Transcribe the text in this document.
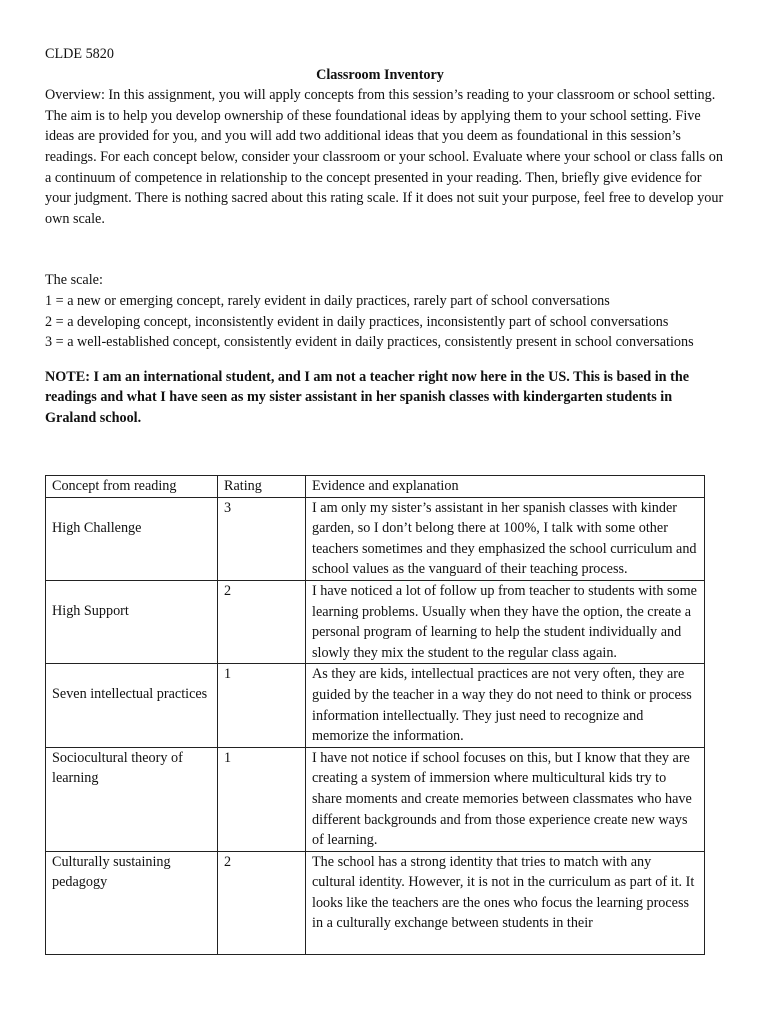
CLDE 5820

Classroom Inventory

Overview: In this assignment, you will apply concepts from this session’s reading to your classroom or school setting. The aim is to help you develop ownership of these foundational ideas by applying them to your school setting. Five ideas are provided for you, and you will add two additional ideas that you deem as foundational in this session’s readings. For each concept below, consider your classroom or your school. Evaluate where your school or class falls on a continuum of competence in relationship to the concept presented in your reading. Then, briefly give evidence for your judgment. There is nothing sacred about this rating scale. If it does not suit your purpose, feel free to develop your own scale.

The scale:

1 = a new or emerging concept, rarely evident in daily practices, rarely part of school conversations

2 = a developing concept, inconsistently evident in daily practices, inconsistently part of school conversations

3 = a well-established concept, consistently evident in daily practices, consistently present in school conversations

NOTE: I am an international student, and I am not a teacher right now here in the US. This is based in the readings and what I have seen as my sister assistant in her spanish classes with kindergarten students in Graland school.

Concept from reading	Rating	Evidence and explanation
High Challenge	3	I am only my sister’s assistant in her spanish classes with kinder garden, so I don’t belong there at 100%, I talk with some other teachers sometimes and they emphasized the school curriculum and school values as the vanguard of their teaching process.
High Support	2	I have noticed a lot of follow up from teacher to students with some learning problems. Usually when they have the option, the create a personal program of learning to help the student individually and slowly they mix the student to the regular class again.
Seven intellectual practices	1	As they are kids, intellectual practices are not very often, they are guided by the teacher in a way they do not need to think or process information intellectually. They just need to recognize and memorize the information.
Sociocultural theory of learning	1	I have not notice if school focuses on this, but I know that they are creating a system of immersion where multicultural kids try to share moments and create memories between classmates who have different backgrounds and from those experience create new ways of learning.
Culturally sustaining pedagogy	2	The school has a strong identity that tries to match with any cultural identity. However, it is not in the curriculum as part of it. It looks like the teachers are the ones who focus the learning process in a culturally exchange between students in their
